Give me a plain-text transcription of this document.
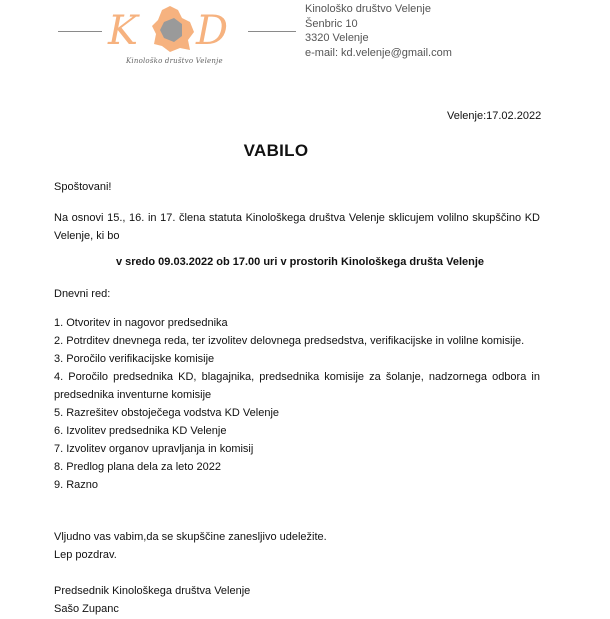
K D
Kinološko društvo Velenje
Kinološko društvo Velenje
Šenbric 10
3320 Velenje
e-mail: kd.velenje@gmail.com
Velenje:17.02.2022
VABILO
Spoštovani!
Na osnovi 15., 16. in 17. člena statuta Kinološkega društva Velenje sklicujem volilno skupščino KD Velenje, ki bo
v sredo 09.03.2022 ob 17.00 uri v prostorih Kinološkega društa Velenje
Dnevni red:
1. Otvoritev in nagovor predsednika
2. Potrditev dnevnega reda, ter izvolitev delovnega predsedstva, verifikacijske in volilne komisije.
3. Poročilo verifikacijske komisije
4. Poročilo predsednika KD, blagajnika, predsednika komisije za šolanje, nadzornega odbora in predsednika inventurne komisije
5. Razrešitev obstoječega vodstva KD Velenje
6. Izvolitev predsednika KD Velenje
7. Izvolitev organov upravljanja in komisij
8. Predlog plana dela za leto 2022
9. Razno
Vljudno vas vabim,da se skupščine zanesljivo udeležite.
Lep pozdrav.
Predsednik Kinološkega društva Velenje
Sašo Zupanc
